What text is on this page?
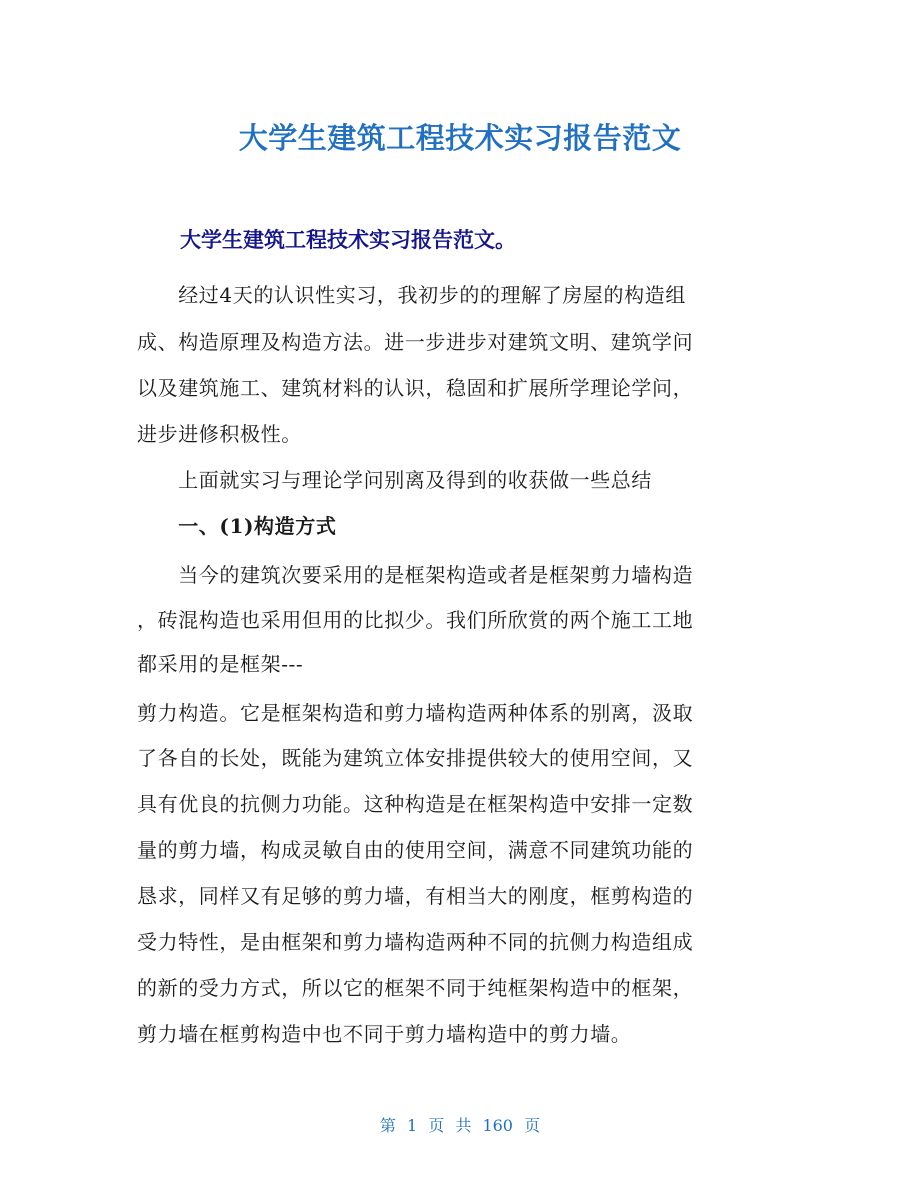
大学生建筑工程技术实习报告范文
大学生建筑工程技术实习报告范文。
　　经过4天的认识性实习，我初步的的理解了房屋的构造组
成、构造原理及构造方法。进一步进步对建筑文明、建筑学问
以及建筑施工、建筑材料的认识，稳固和扩展所学理论学问，
进步进修积极性。
　　上面就实习与理论学问别离及得到的收获做一些总结
　　一、(1)构造方式
　　当今的建筑次要采用的是框架构造或者是框架剪力墙构造
，砖混构造也采用但用的比拟少。我们所欣赏的两个施工工地
都采用的是框架---
剪力构造。它是框架构造和剪力墙构造两种体系的别离，汲取
了各自的长处，既能为建筑立体安排提供较大的使用空间，又
具有优良的抗侧力功能。这种构造是在框架构造中安排一定数
量的剪力墙，构成灵敏自由的使用空间，满意不同建筑功能的
恳求，同样又有足够的剪力墙，有相当大的刚度，框剪构造的
受力特性，是由框架和剪力墙构造两种不同的抗侧力构造组成
的新的受力方式，所以它的框架不同于纯框架构造中的框架，
剪力墙在框剪构造中也不同于剪力墙构造中的剪力墙。
第 1 页 共 160 页
